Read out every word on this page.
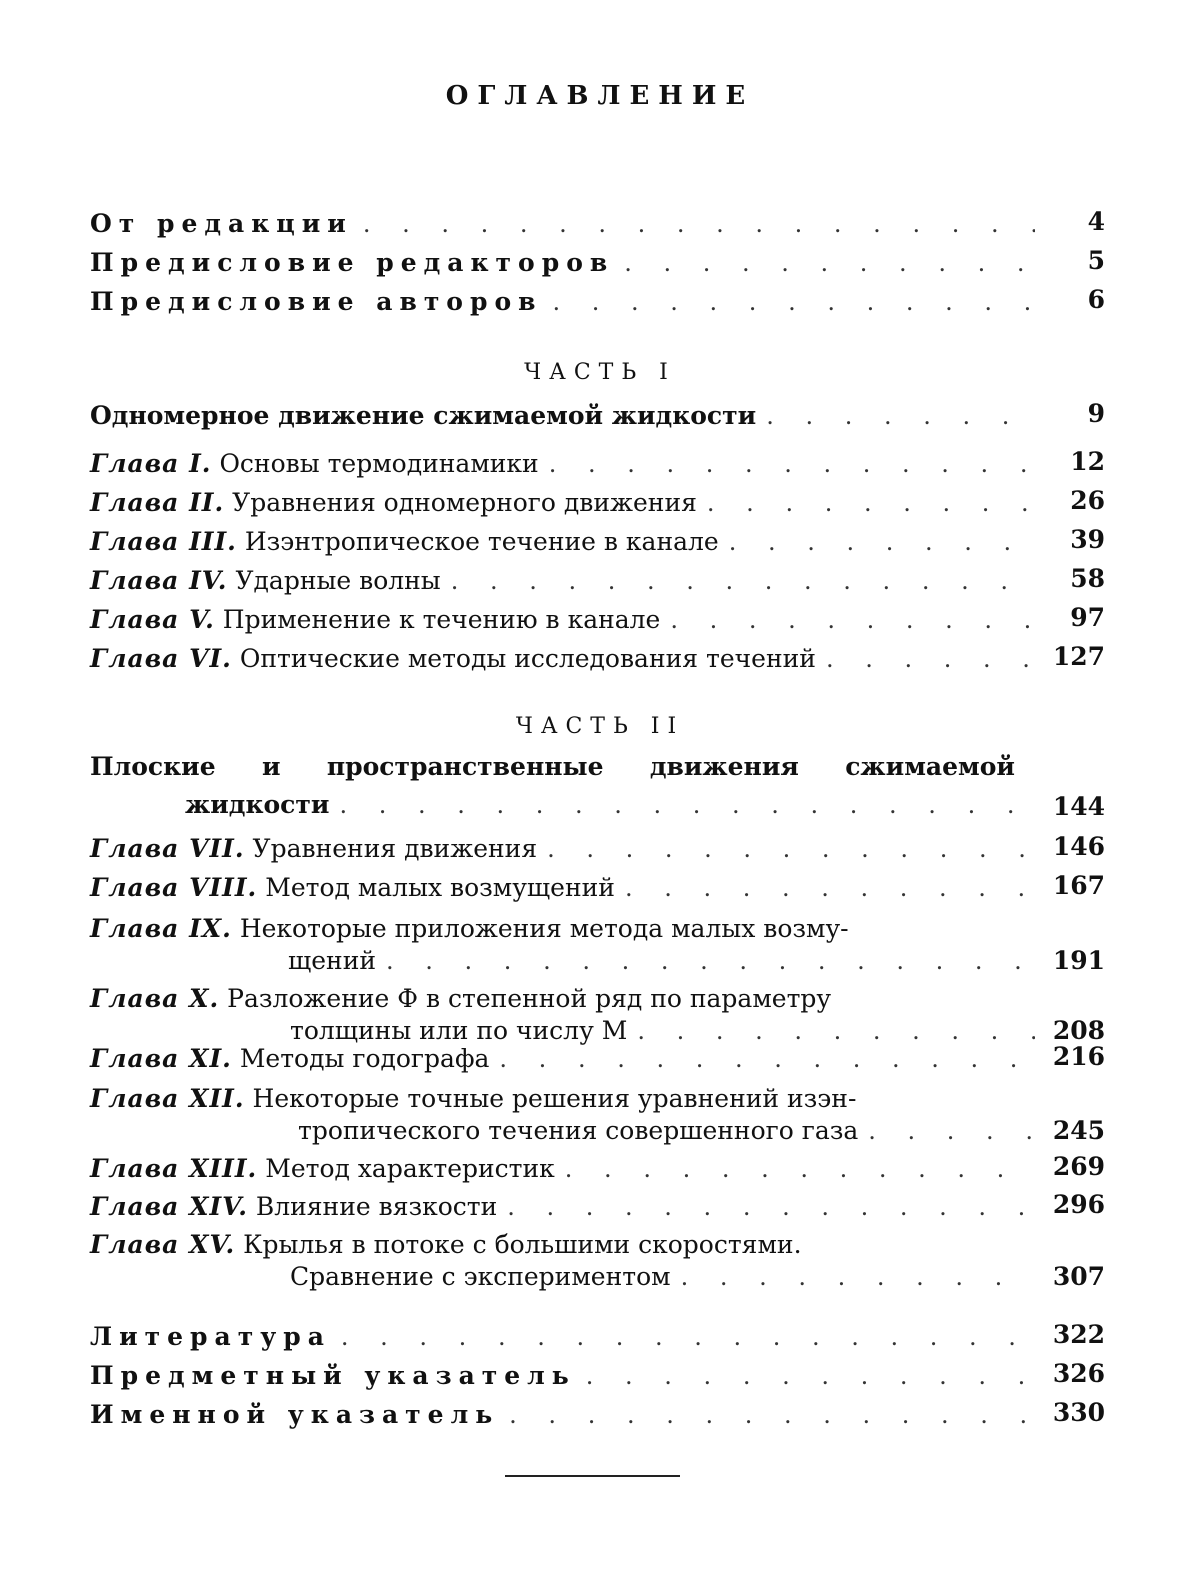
ОГЛАВЛЕНИЕ
От редакции . . .	4
Предисловие редакторов . . .	5
Предисловие авторов . . .	6
ЧАСТЬ I
Одномерное движение сжимаемой жидкости . . .	9
Глава I. Основы термодинамики . . .	12
Глава II. Уравнения одномерного движения . . .	26
Глава III. Изэнтропическое течение в канале . . .	39
Глава IV. Ударные волны . . .	58
Глава V. Применение к течению в канале . . .	97
Глава VI. Оптические методы исследования течений . . .	127
ЧАСТЬ II
Плоские и пространственные движения сжимаемой
жидкости . . .	144
Глава VII. Уравнения движения . . .	146
Глава VIII. Метод малых возмущений . . .	167
Глава IX. Некоторые приложения метода малых возму-
щений . . .	191
Глава X. Разложение Ф в степенной ряд по параметру
толщины или по числу М . . .	208
Глава XI. Методы годографа . . .	216
Глава XII. Некоторые точные решения уравнений изэн-
тропического течения совершенного газа . . .	245
Глава XIII. Метод характеристик . . .	269
Глава XIV. Влияние вязкости . . .	296
Глава XV. Крылья в потоке с большими скоростями.
Сравнение с экспериментом . . .	307
Литература . . .	322
Предметный указатель . . .	326
Именной указатель . . .	330
